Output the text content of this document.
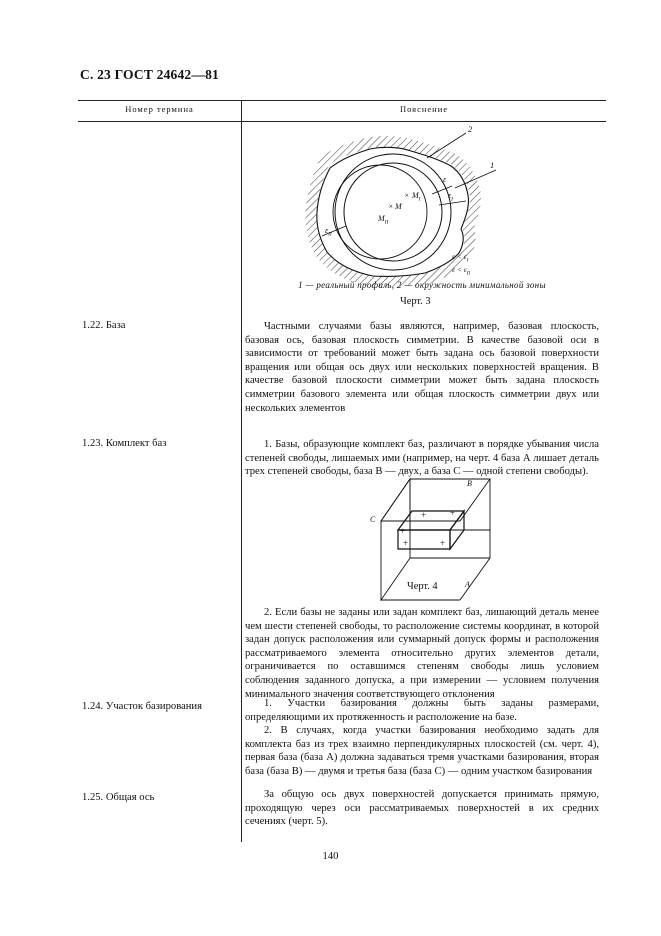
С. 23 ГОСТ 24642—81
Номер термина	Пояснение
×
×
2
1
ε
$\varepsilon_I$
$\varepsilon_{II}$
$M_I$
M
$M_{II}$
$\varepsilon < \varepsilon_I$
$\varepsilon < \varepsilon_{II}$
1 — реальный профиль, 2 — окружность минимальной зоны
Черт. 3
1.22. База	Частными случаями базы являются, например, базовая плоскость, базовая ось, базовая плоскость симметрии. В качестве базовой оси в зависимости от требований может быть задана ось базовой поверхности вращения или общая ось двух или нескольких поверхностей вращения. В качестве базовой плоскости симметрии может быть задана плоскость симметрии базового элемента или общая плоскость симметрии двух или нескольких элементов

1.23. Комплект баз	1. Базы, образующие комплект баз, различают в порядке убывания числа степеней свободы, лишаемых ими (например, на черт. 4 база А лишает деталь трех степеней свободы, база В — двух, а база С — одной степени свободы).

+	+
+	+
+
B
C
A
Черт. 4

2. Если базы не заданы или задан комплект баз, лишающий деталь менее чем шести степеней свободы, то расположение системы координат, в которой задан допуск расположения или суммарный допуск формы и расположения рассматриваемого элемента относительно других элементов детали, ограничивается по оставшимся степеням свободы лишь условием соблюдения заданного допуска, а при измерении — условием получения минимального значения соответствующего отклонения

1.24. Участок базирования	1. Участки базирования должны быть заданы размерами, определяющими их протяженность и расположение на базе.

2. В случаях, когда участки базирования необходимо задать для комплекта баз из трех взаимно перпендикулярных плоскостей (см. черт. 4), первая база (база А) должна задаваться тремя участками базирования, вторая база (база В) — двумя и третья база (база С) — одним участком базирования

1.25. Общая ось	За общую ось двух поверхностей допускается принимать прямую, проходящую через оси рассматриваемых поверхностей в их средних сечениях (черт. 5).

140
